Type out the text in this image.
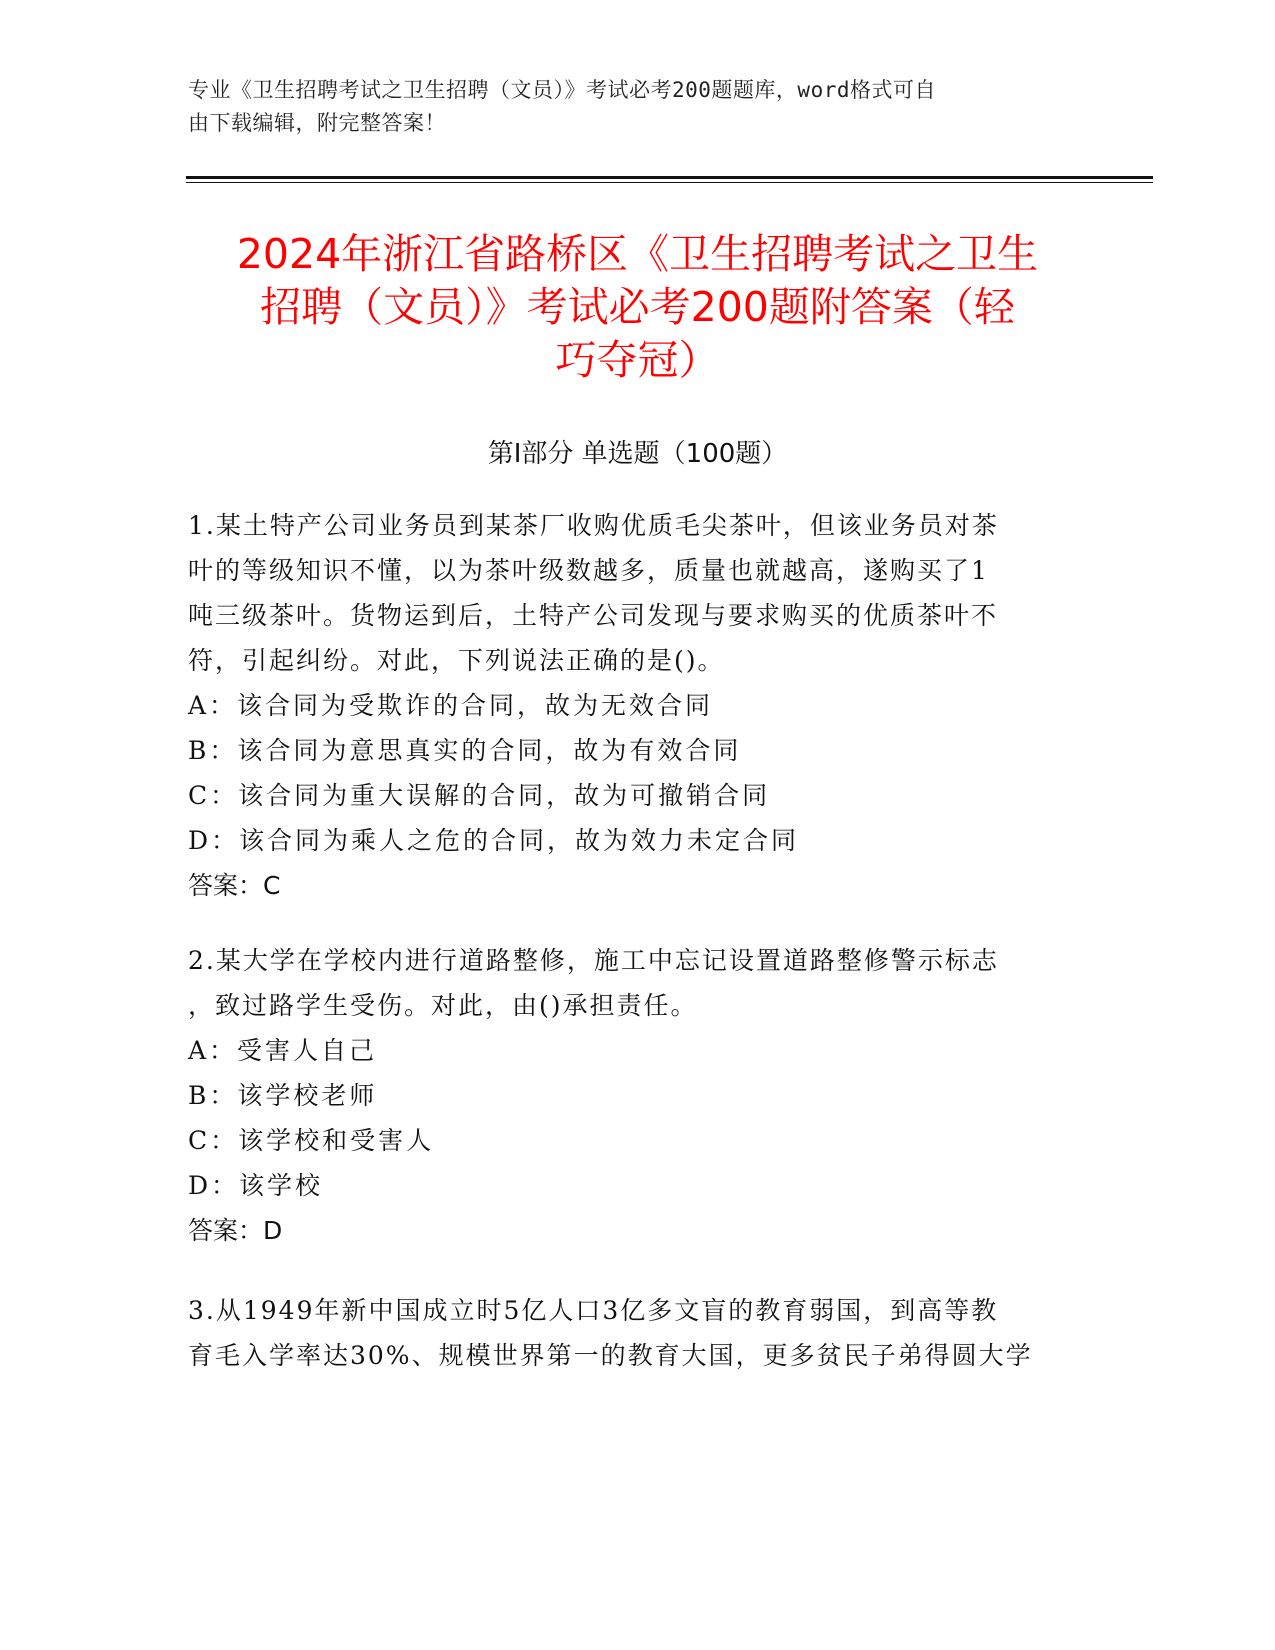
专业《卫生招聘考试之卫生招聘（文员）》考试必考200题题库，word格式可自
由下载编辑，附完整答案！
2024年浙江省路桥区《卫生招聘考试之卫生
招聘（文员）》考试必考200题附答案（轻
巧夺冠）
第I部分 单选题（100题）
1.某土特产公司业务员到某茶厂收购优质毛尖茶叶，但该业务员对茶
叶的等级知识不懂，以为茶叶级数越多，质量也就越高，遂购买了1
吨三级茶叶。货物运到后，土特产公司发现与要求购买的优质茶叶不
符，引起纠纷。对此，下列说法正确的是()。
A：该合同为受欺诈的合同，故为无效合同
B：该合同为意思真实的合同，故为有效合同
C：该合同为重大误解的合同，故为可撤销合同
D：该合同为乘人之危的合同，故为效力未定合同
答案：C
2.某大学在学校内进行道路整修，施工中忘记设置道路整修警示标志
，致过路学生受伤。对此，由()承担责任。
A：受害人自己
B：该学校老师
C：该学校和受害人
D：该学校
答案：D
3.从1949年新中国成立时5亿人口3亿多文盲的教育弱国，到高等教
育毛入学率达30%、规模世界第一的教育大国，更多贫民子弟得圆大学
